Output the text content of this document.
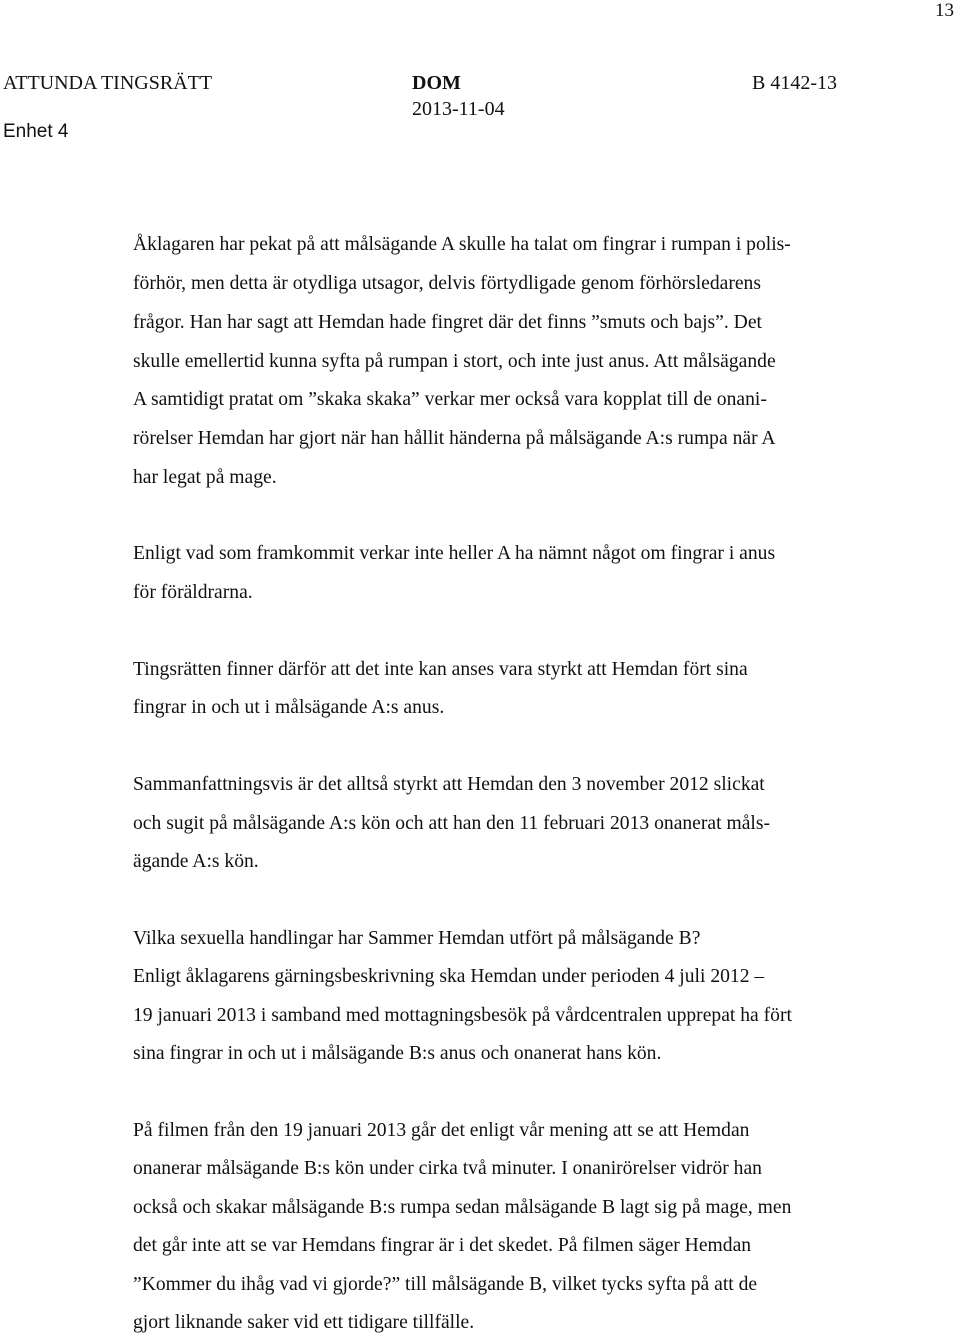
13
ATTUNDA TINGSRÄTT
Enhet 4
DOM
2013-11-04
B 4142-13
Åklagaren har pekat på att målsägande A skulle ha talat om fingrar i rumpan i polis-
förhör, men detta är otydliga utsagor, delvis förtydligade genom förhörsledarens
frågor. Han har sagt att Hemdan hade fingret där det finns ”smuts och bajs”. Det
skulle emellertid kunna syfta på rumpan i stort, och inte just anus. Att målsägande
A samtidigt pratat om ”skaka skaka” verkar mer också vara kopplat till de onani-
rörelser Hemdan har gjort när han hållit händerna på målsägande A:s rumpa när A
har legat på mage.
Enligt vad som framkommit verkar inte heller A ha nämnt något om fingrar i anus
för föräldrarna.
Tingsrätten finner därför att det inte kan anses vara styrkt att Hemdan fört sina
fingrar in och ut i målsägande A:s anus.
Sammanfattningsvis är det alltså styrkt att Hemdan den 3 november 2012 slickat
och sugit på målsägande A:s kön och att han den 11 februari 2013 onanerat måls-
ägande A:s kön.
Vilka sexuella handlingar har Sammer Hemdan utfört på målsägande B?
Enligt åklagarens gärningsbeskrivning ska Hemdan under perioden 4 juli 2012 –
19 januari 2013 i samband med mottagningsbesök på vårdcentralen upprepat ha fört
sina fingrar in och ut i målsägande B:s anus och onanerat hans kön.
På filmen från den 19 januari 2013 går det enligt vår mening att se att Hemdan
onanerar målsägande B:s kön under cirka två minuter. I onanirörelser vidrör han
också och skakar målsägande B:s rumpa sedan målsägande B lagt sig på mage, men
det går inte att se var Hemdans fingrar är i det skedet. På filmen säger Hemdan
”Kommer du ihåg vad vi gjorde?” till målsägande B, vilket tycks syfta på att de
gjort liknande saker vid ett tidigare tillfälle.
